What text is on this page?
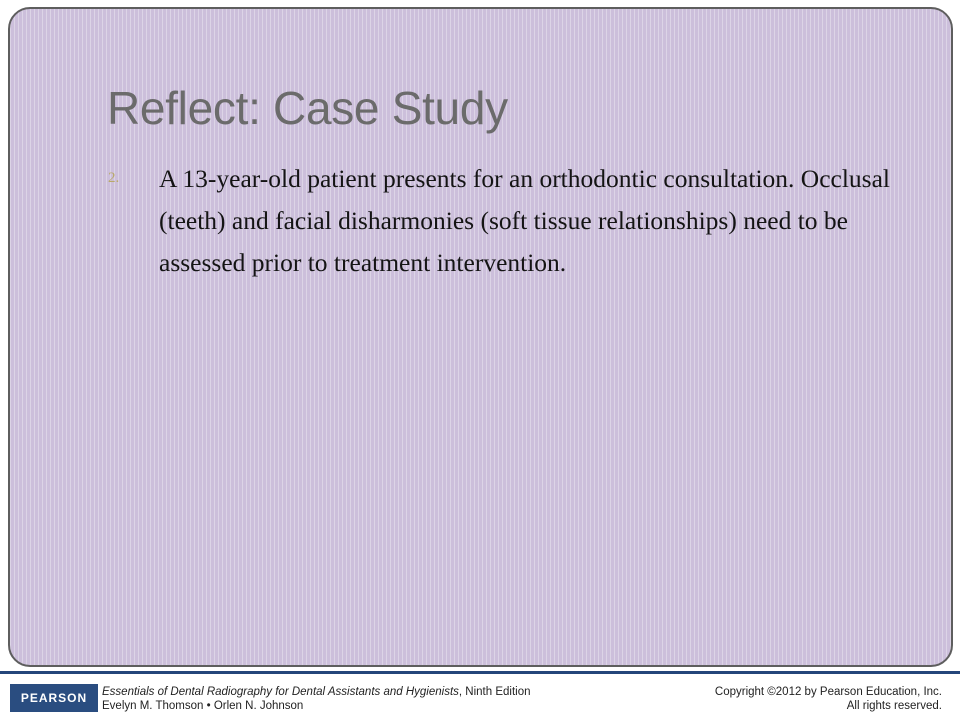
Reflect: Case Study
2. A 13-year-old patient presents for an orthodontic consultation. Occlusal (teeth) and facial disharmonies (soft tissue relationships) need to be assessed prior to treatment intervention.

PEARSON Essentials of Dental Radiography for Dental Assistants and Hygienists, Ninth Edition
Evelyn M. Thomson • Orlen N. Johnson
Copyright ©2012 by Pearson Education, Inc.
All rights reserved.
